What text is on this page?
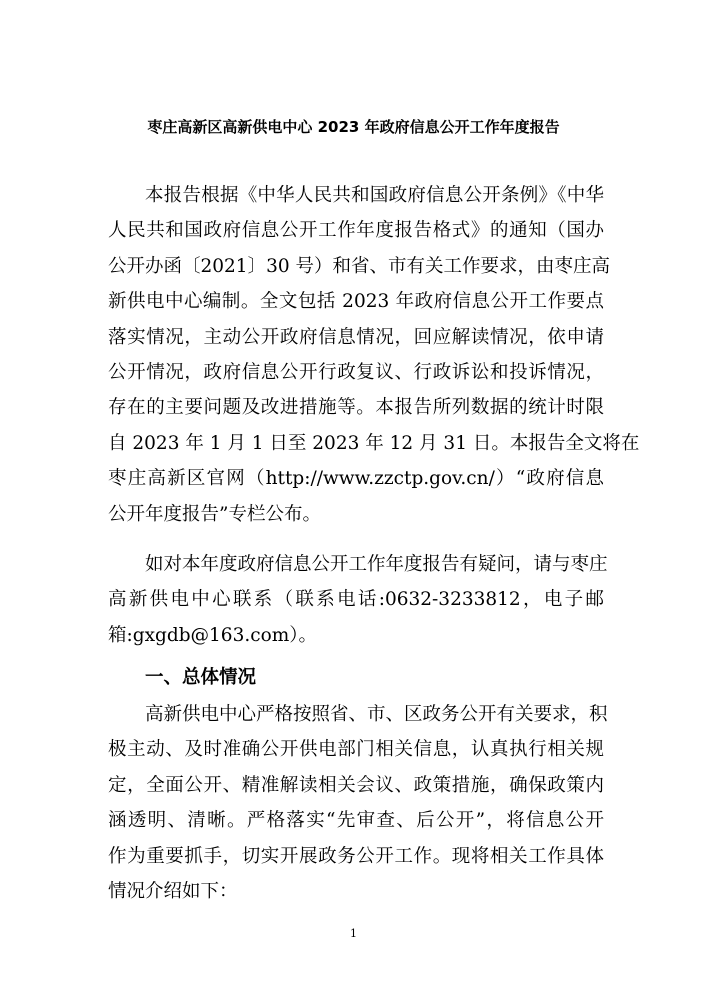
枣庄高新区高新供电中心 2023 年政府信息公开工作年度报告
本报告根据《中华人民共和国政府信息公开条例》《中华
人民共和国政府信息公开工作年度报告格式》的通知（国办
公开办函〔2021〕30 号）和省、市有关工作要求，由枣庄高
新供电中心编制。全文包括 2023 年政府信息公开工作要点
落实情况，主动公开政府信息情况，回应解读情况，依申请
公开情况，政府信息公开行政复议、行政诉讼和投诉情况，
存在的主要问题及改进措施等。本报告所列数据的统计时限
自 2023 年 1 月 1 日至 2023 年 12 月 31 日。本报告全文将在
枣庄高新区官网（http://www.zzctp.gov.cn/）“政府信息
公开年度报告”专栏公布。
如对本年度政府信息公开工作年度报告有疑问，请与枣庄
高新供电中心联系（联系电话:0632-3233812，电子邮
箱:gxgdb@163.com）。
一、总体情况
高新供电中心严格按照省、市、区政务公开有关要求，积
极主动、及时准确公开供电部门相关信息，认真执行相关规
定，全面公开、精准解读相关会议、政策措施，确保政策内
涵透明、清晰。严格落实“先审查、后公开”，将信息公开
作为重要抓手，切实开展政务公开工作。现将相关工作具体
情况介绍如下：
1
